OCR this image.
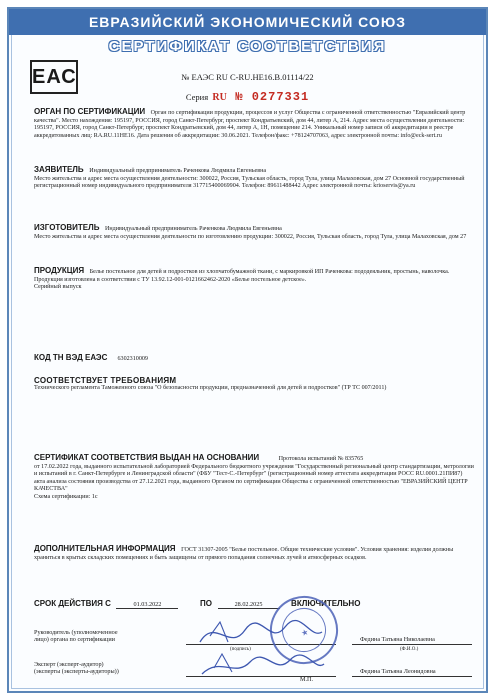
ЕВРАЗИЙСКИЙ ЭКОНОМИЧЕСКИЙ СОЮЗ
СЕРТИФИКАТ СООТВЕТСТВИЯ
ЕАС	№ ЕАЭС RU С-RU.НЕ16.В.01114/22
Серия RU № 0277331
ОРГАН ПО СЕРТИФИКАЦИИ Орган по сертификации продукции, процессов и услуг Общества с ограниченной ответственностью "Евразийский центр качества". Место нахождения: 195197, РОССИЯ, город Санкт-Петербург, проспект Кондратьевский, дом 44, литер А, 214. Адрес места осуществления деятельности: 195197, РОССИЯ, город Санкт-Петербург, проспект Кондратьевский, дом 44, литер А, 1Н, помещение 214. Уникальный номер записи об аккредитации в реестре аккредитованных лиц: RA.RU.11НЕ16. Дата решения об аккредитации: 30.06.2021. Телефон/факс: +78124707063, адрес электронной почты: info@eck-sert.ru
ЗАЯВИТЕЛЬ Индивидуальный предприниматель Раченкова Людмила Евгеньевна
Место жительства и адрес места осуществления деятельности: 300022, Россия, Тульская область, город Тула, улица Малаховская, дом 27 Основной государственный регистрационный номер индивидуального предпринимателя 317715400069904. Телефон: 89611488442 Адрес электронной почты: krioservis@ya.ru
ИЗГОТОВИТЕЛЬ Индивидуальный предприниматель Раченкова Людмила Евгеньевна
Место жительства и адрес места осуществления деятельности по изготовлению продукции: 300022, Россия, Тульская область, город Тула, улица Малаховская, дом 27
ПРОДУКЦИЯ Белье постельное для детей и подростков из хлопчатобумажной ткани, с маркировкой ИП Раченкова: пододеяльник, простынь, наволочка. Продукция изготовлена в соответствии с ТУ 13.92.12-001-0121662462-2020 «Белье постельное детское».
Серийный выпуск
КОД ТН ВЭД ЕАЭС 6302310009
СООТВЕТСТВУЕТ ТРЕБОВАНИЯМ
Технического регламента Таможенного союза "О безопасности продукции, предназначенной для детей и подростков" (ТР ТС 007/2011)
СЕРТИФИКАТ СООТВЕТСТВИЯ ВЫДАН НА ОСНОВАНИИ	Протокола испытаний № 835765
от 17.02.2022 года, выданного испытательной лабораторией Федерального бюджетного учреждения "Государственный региональный центр стандартизации, метрологии и испытаний в г. Санкт-Петербурге и Ленинградской области" (ФБУ "Тест-С.-Петербург" (регистрационный номер аттестата аккредитации РОСС RU.0001.21ПИ87) акта анализа состояния производства от 27.12.2021 года, выданного Органом по сертификации Общества с ограниченной ответственностью "ЕВРАЗИЙСКИЙ ЦЕНТР КАЧЕСТВА"
Схема сертификации: 1с
ДОПОЛНИТЕЛЬНАЯ ИНФОРМАЦИЯ ГОСТ 31307-2005 "Белье постельное. Общие технические условия". Условия хранения: изделия должны храниться в крытых складских помещениях и быть защищены от прямого попадания солнечных лучей и атмосферных осадков.
СРОК ДЕЙСТВИЯ С	01.03.2022	ПО	28.02.2025	ВКЛЮЧИТЕЛЬНО
Руководитель (уполномоченное
лицо) органа по сертификации
(подпись)
Федина Татьяна Николаевна
(Ф.И.О.)
Эксперт (эксперт-аудитор)
(эксперты (эксперты-аудиторы))	Федина Татьяна Леонидовна
М.П.
★
